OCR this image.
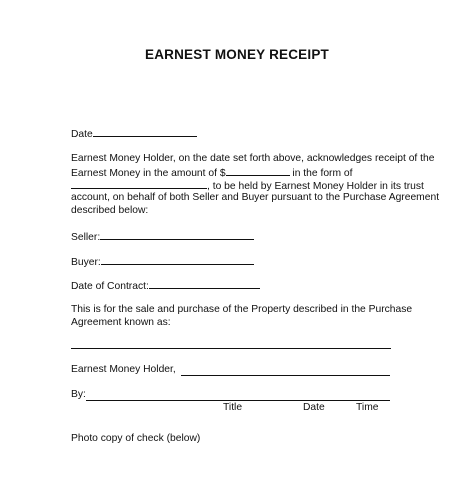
EARNEST MONEY RECEIPT
Date
Earnest Money Holder, on the date set forth above, acknowledges receipt of the
Earnest Money in the amount of $	in the form of
, to be held by Earnest Money Holder in its trust
account, on behalf of both Seller and Buyer pursuant to the Purchase Agreement
described below:
Seller:
Buyer:
Date of Contract:
This is for the sale and purchase of the Property described in the Purchase
Agreement known as:
Earnest Money Holder,
By:
Title	Date	Time
Photo copy of check (below)
